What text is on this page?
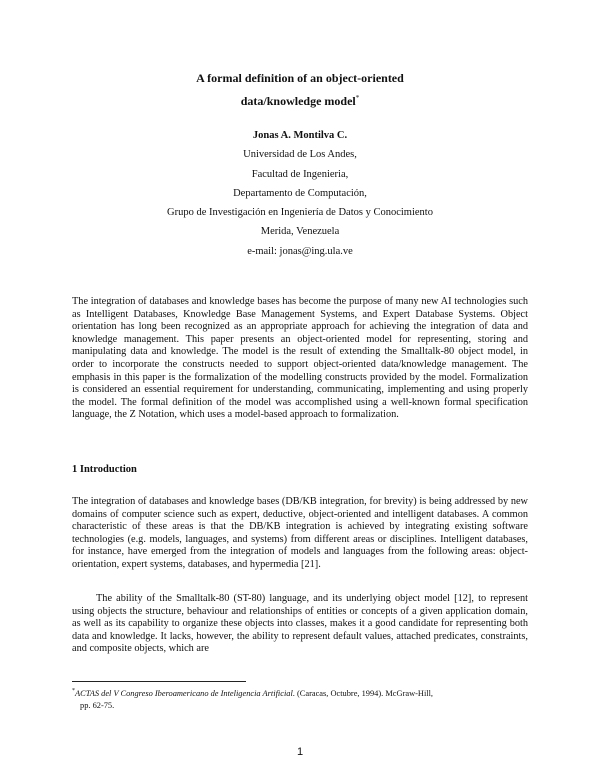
A formal definition of an object-oriented
data/knowledge model*
Jonas A. Montilva C.
Universidad de Los Andes,
Facultad de Ingenieria,
Departamento de Computación,
Grupo de Investigación en Ingeniería de Datos y Conocimiento
Merida, Venezuela
e-mail: jonas@ing.ula.ve

The integration of databases and knowledge bases has become the purpose of many new AI technologies such as Intelligent Databases, Knowledge Base Management Systems, and Expert Database Systems. Object orientation has long been recognized as an appropriate approach for achieving the integration of data and knowledge management. This paper presents an object-oriented model for representing, storing and manipulating data and knowledge. The model is the result of extending the Smalltalk-80 object model, in order to incorporate the constructs needed to support object-oriented data/knowledge management. The emphasis in this paper is the formalization of the modelling constructs provided by the model. Formalization is considered an essential requirement for understanding, communicating, implementing and using properly the model. The formal definition of the model was accomplished using a well-known formal specification language, the Z Notation, which uses a model-based approach to formalization.

1 Introduction

The integration of databases and knowledge bases (DB/KB integration, for brevity) is being addressed by new domains of computer science such as expert, deductive, object-oriented and intelligent databases. A common characteristic of these areas is that the DB/KB integration is achieved by integrating existing software technologies (e.g. models, languages, and systems) from different areas or disciplines. Intelligent databases, for instance, have emerged from the integration of models and languages from the following areas: object-orientation, expert systems, databases, and hypermedia [21].

The ability of the Smalltalk-80 (ST-80) language, and its underlying object model [12], to represent using objects the structure, behaviour and relationships of entities or concepts of a given application domain, as well as its capability to organize these objects into classes, makes it a good candidate for representing both data and knowledge. It lacks, however, the ability to represent default values, attached predicates, constraints, and composite objects, which are

*ACTAS del V Congreso Iberoamericano de Inteligencia Artificial. (Caracas, Octubre, 1994). McGraw-Hill,
pp. 62-75.
1
